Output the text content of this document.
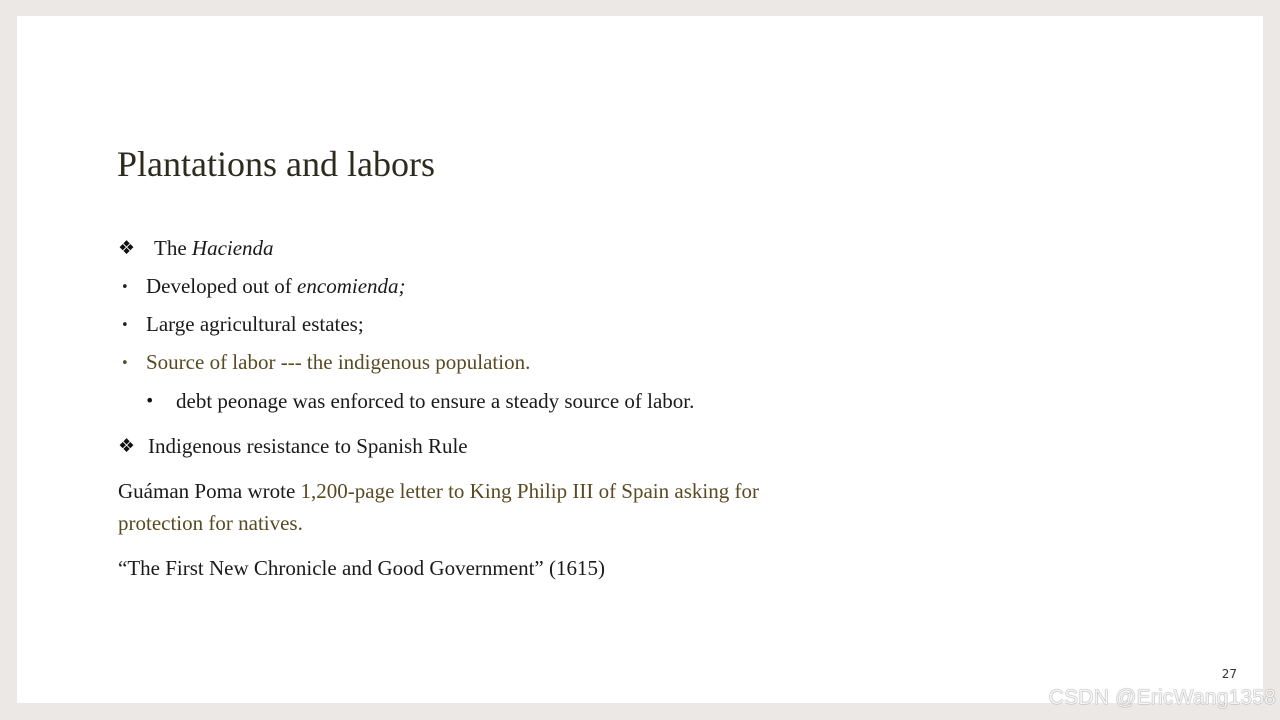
Plantations and labors
❖ The Hacienda
• Developed out of encomienda;
• Large agricultural estates;
• Source of labor --- the indigenous population.
• debt peonage was enforced to ensure a steady source of labor.
❖ Indigenous resistance to Spanish Rule
Guáman Poma wrote 1,200-page letter to King Philip III of Spain asking for
protection for natives.
“The First New Chronicle and Good Government” (1615)
27
CSDN @EricWang1358
